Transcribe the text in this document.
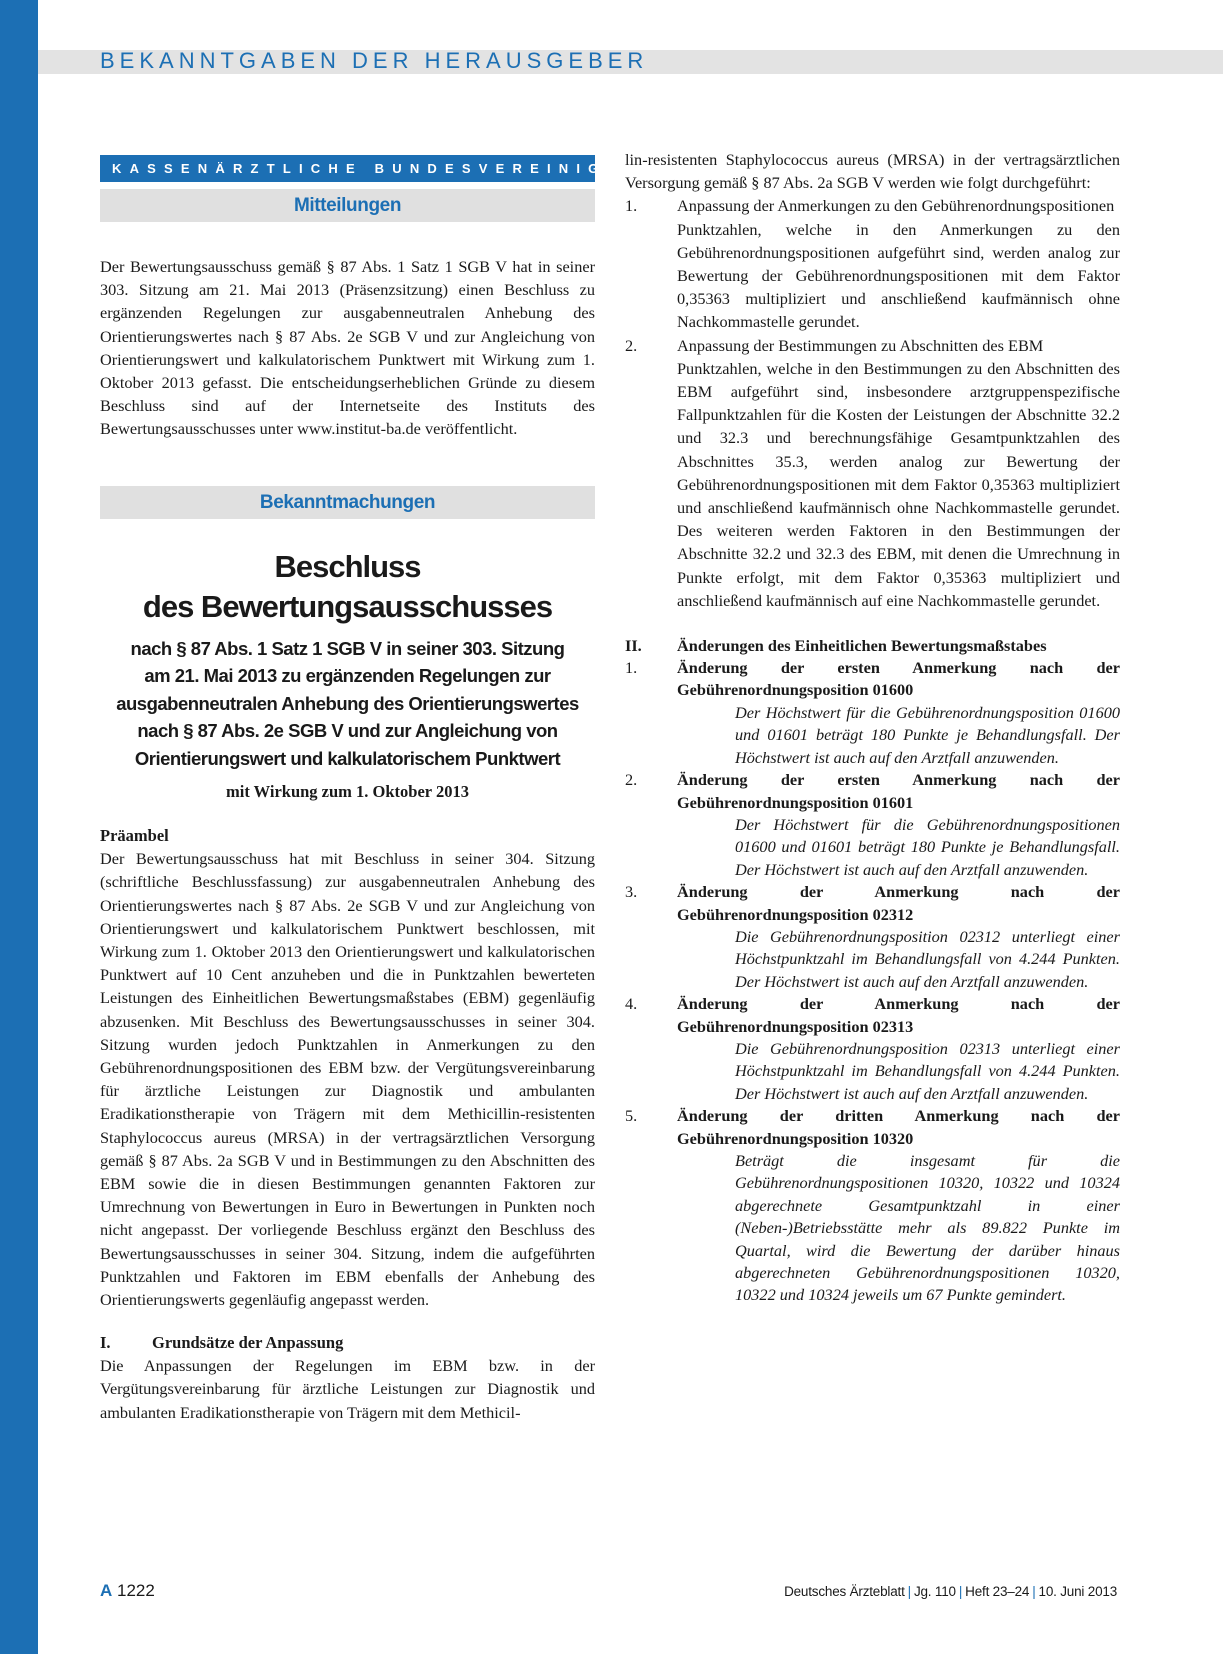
BEKANNTGABEN DER HERAUSGEBER
KASSENÄRZTLICHE BUNDESVEREINIGUNG
Mitteilungen

Der Bewertungsausschuss gemäß § 87 Abs. 1 Satz 1 SGB V hat in seiner 303. Sitzung am 21. Mai 2013 (Präsenzsitzung) einen Beschluss zu ergänzenden Regelungen zur ausgabenneutralen Anhebung des Orientierungswertes nach § 87 Abs. 2e SGB V und zur Angleichung von Orientierungswert und kalkulatorischem Punktwert mit Wirkung zum 1. Oktober 2013 gefasst. Die entscheidungserheblichen Gründe zu diesem Beschluss sind auf der Internetseite des Instituts des Bewertungsausschusses unter www.institut-ba.de veröffentlicht.

Bekanntmachungen
Beschluss
des Bewertungsausschusses
nach § 87 Abs. 1 Satz 1 SGB V in seiner 303. Sitzung
am 21. Mai 2013 zu ergänzenden Regelungen zur
ausgabenneutralen Anhebung des Orientierungswertes
nach § 87 Abs. 2e SGB V und zur Angleichung von
Orientierungswert und kalkulatorischem Punktwert
mit Wirkung zum 1. Oktober 2013
Präambel

Der Bewertungsausschuss hat mit Beschluss in seiner 304. Sitzung (schriftliche Beschlussfassung) zur ausgabenneutralen Anhebung des Orientierungswertes nach § 87 Abs. 2e SGB V und zur Angleichung von Orientierungswert und kalkulatorischem Punktwert beschlossen, mit Wirkung zum 1. Oktober 2013 den Orientierungswert und kalkulatorischen Punktwert auf 10 Cent anzuheben und die in Punktzahlen bewerteten Leistungen des Einheitlichen Bewertungsmaßstabes (EBM) gegenläufig abzusenken. Mit Beschluss des Bewertungsausschusses in seiner 304. Sitzung wurden jedoch Punktzahlen in Anmerkungen zu den Gebührenordnungspositionen des EBM bzw. der Vergütungsvereinbarung für ärztliche Leistungen zur Diagnostik und ambulanten Eradikationstherapie von Trägern mit dem Methicillin-resistenten Staphylococcus aureus (MRSA) in der vertragsärztlichen Versorgung gemäß § 87 Abs. 2a SGB V und in Bestimmungen zu den Abschnitten des EBM sowie die in diesen Bestimmungen genannten Faktoren zur Umrechnung von Bewertungen in Euro in Bewertungen in Punkten noch nicht angepasst. Der vorliegende Beschluss ergänzt den Beschluss des Bewertungsausschusses in seiner 304. Sitzung, indem die aufgeführten Punktzahlen und Faktoren im EBM ebenfalls der Anhebung des Orientierungswerts gegenläufig angepasst werden.

I.	Grundsätze der Anpassung

Die Anpassungen der Regelungen im EBM bzw. in der Vergütungsvereinbarung für ärztliche Leistungen zur Diagnostik und ambulanten Eradikationstherapie von Trägern mit dem Methicil-

lin-resistenten Staphylococcus aureus (MRSA) in der vertragsärztlichen Versorgung gemäß § 87 Abs. 2a SGB V werden wie folgt durchgeführt:

1.	Anpassung der Anmerkungen zu den Gebührenordnungspositionen
Punktzahlen, welche in den Anmerkungen zu den Gebührenordnungspositionen aufgeführt sind, werden analog zur Bewertung der Gebührenordnungspositionen mit dem Faktor 0,35363 multipliziert und anschließend kaufmännisch ohne Nachkommastelle gerundet.
2.	Anpassung der Bestimmungen zu Abschnitten des EBM
Punktzahlen, welche in den Bestimmungen zu den Abschnitten des EBM aufgeführt sind, insbesondere arztgruppenspezifische Fallpunktzahlen für die Kosten der Leistungen der Abschnitte 32.2 und 32.3 und berechnungsfähige Gesamtpunktzahlen des Abschnittes 35.3, werden analog zur Bewertung der Gebührenordnungspositionen mit dem Faktor 0,35363 multipliziert und anschließend kaufmännisch ohne Nachkommastelle gerundet. Des weiteren werden Faktoren in den Bestimmungen der Abschnitte 32.2 und 32.3 des EBM, mit denen die Umrechnung in Punkte erfolgt, mit dem Faktor 0,35363 multipliziert und anschließend kaufmännisch auf eine Nachkommastelle gerundet.
II.	Änderungen des Einheitlichen Bewertungsmaßstabes
1.	Änderung der ersten Anmerkung nach der Gebührenordnungsposition 01600
Der Höchstwert für die Gebührenordnungsposition 01600 und 01601 beträgt 180 Punkte je Behandlungsfall. Der Höchstwert ist auch auf den Arztfall anzuwenden.
2.	Änderung der ersten Anmerkung nach der Gebührenordnungsposition 01601
Der Höchstwert für die Gebührenordnungspositionen 01600 und 01601 beträgt 180 Punkte je Behandlungsfall. Der Höchstwert ist auch auf den Arztfall anzuwenden.
3.	Änderung der Anmerkung nach der Gebührenordnungsposition 02312
Die Gebührenordnungsposition 02312 unterliegt einer Höchstpunktzahl im Behandlungsfall von 4.244 Punkten. Der Höchstwert ist auch auf den Arztfall anzuwenden.
4.	Änderung der Anmerkung nach der Gebührenordnungsposition 02313
Die Gebührenordnungsposition 02313 unterliegt einer Höchstpunktzahl im Behandlungsfall von 4.244 Punkten. Der Höchstwert ist auch auf den Arztfall anzuwenden.
5.	Änderung der dritten Anmerkung nach der Gebührenordnungsposition 10320
Beträgt die insgesamt für die Gebührenordnungspositionen 10320, 10322 und 10324 abgerechnete Gesamtpunktzahl in einer (Neben-)Betriebsstätte mehr als 89.822 Punkte im Quartal, wird die Bewertung der darüber hinaus abgerechneten Gebührenordnungspositionen 10320, 10322 und 10324 jeweils um 67 Punkte gemindert.
A 1222	Deutsches Ärzteblatt | Jg. 110 | Heft 23–24 | 10. Juni 2013
